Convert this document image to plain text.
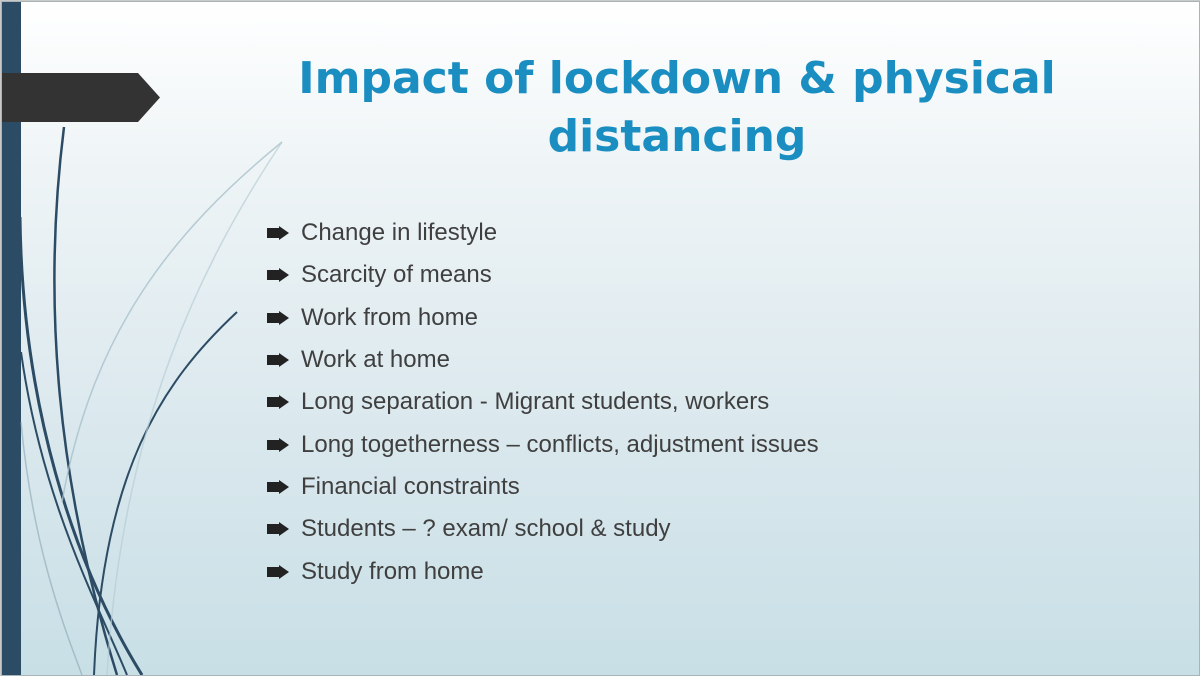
Impact of lockdown & physical distancing
Change in lifestyle
Scarcity of means
Work from home
Work at home
Long separation - Migrant students, workers
Long togetherness – conflicts, adjustment issues
Financial constraints
Students – ? exam/ school & study
Study from home
